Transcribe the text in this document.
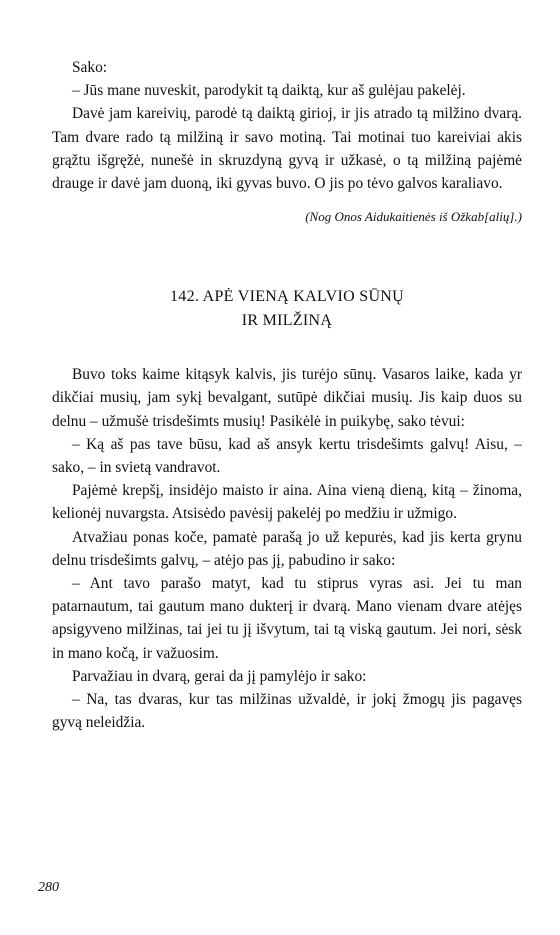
Sako:

– Jūs mane nuveskit, parodykit tą daiktą, kur aš gulėjau pakelėj.

Davė jam kareivių, parodė tą daiktą girioj, ir jis atrado tą milžino dvarą. Tam dvare rado tą milžiną ir savo motiną. Tai motinai tuo kareiviai akis grąžtu išgręžė, nunešė in skruzdyną gyvą ir užkasė, o tą milžiną pajėmė drauge ir davė jam duoną, iki gyvas buvo. O jis po tėvo galvos karaliavo.

(Nog Onos Aidukaitienės iš Ožkab[alių].)

142. APĖ VIENĄ KALVIO SŪNŲ
IR MILŽINĄ

Buvo toks kaime kitąsyk kalvis, jis turėjo sūnų. Vasaros laike, kada yr dikčiai musių, jam sykį bevalgant, sutūpė dikčiai musių. Jis kaip duos su delnu – užmušė trisdešimts musių! Pasikėlė in puikybę, sako tėvui:

– Ką aš pas tave būsu, kad aš ansyk kertu trisdešimts galvų! Aisu, – sako, – in svietą vandravot.

Pajėmė krepšį, insidėjo maisto ir aina. Aina vieną dieną, kitą – žinoma, kelionėj nuvargsta. Atsisėdo pavėsij pakelėj po medžiu ir užmigo.

Atvažiau ponas koče, pamatė parašą jo už kepurės, kad jis kerta grynu delnu trisdešimts galvų, – atėjo pas jį, pabudino ir sako:

– Ant tavo parašo matyt, kad tu stiprus vyras asi. Jei tu man patarnautum, tai gautum mano dukterį ir dvarą. Mano vienam dvare atėjęs apsigyveno milžinas, tai jei tu jį išvytum, tai tą viską gautum. Jei nori, sėsk in mano kočą, ir važuosim.

Parvažiau in dvarą, gerai da jį pamylėjo ir sako:

– Na, tas dvaras, kur tas milžinas užvaldė, ir jokį žmogų jis pagavęs gyvą neleidžia.

280
